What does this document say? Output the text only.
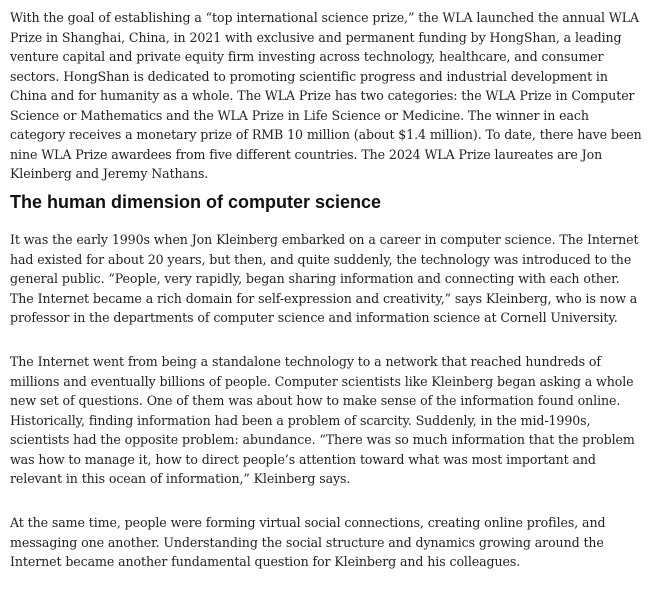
With the goal of establishing a “top international science prize,” the WLA launched the annual WLA Prize in Shanghai, China, in 2021 with exclusive and permanent funding by HongShan, a leading venture capital and private equity firm investing across technology, healthcare, and consumer sectors. HongShan is dedicated to promoting scientific progress and industrial development in China and for humanity as a whole. The WLA Prize has two categories: the WLA Prize in Computer Science or Mathematics and the WLA Prize in Life Science or Medicine. The winner in each category receives a monetary prize of RMB 10 million (about $1.4 million). To date, there have been nine WLA Prize awardees from five different countries. The 2024 WLA Prize laureates are Jon Kleinberg and Jeremy Nathans.

The human dimension of computer science

It was the early 1990s when Jon Kleinberg embarked on a career in computer science. The Internet had existed for about 20 years, but then, and quite suddenly, the technology was introduced to the general public. “People, very rapidly, began sharing information and connecting with each other. The Internet became a rich domain for self-expression and creativity,” says Kleinberg, who is now a professor in the departments of computer science and information science at Cornell University.

The Internet went from being a standalone technology to a network that reached hundreds of millions and eventually billions of people. Computer scientists like Kleinberg began asking a whole new set of questions. One of them was about how to make sense of the information found online. Historically, finding information had been a problem of scarcity. Suddenly, in the mid-1990s, scientists had the opposite problem: abundance. “There was so much information that the problem was how to manage it, how to direct people’s attention toward what was most important and relevant in this ocean of information,” Kleinberg says.

At the same time, people were forming virtual social connections, creating online profiles, and messaging one another. Understanding the social structure and dynamics growing around the Internet became another fundamental question for Kleinberg and his colleagues.
